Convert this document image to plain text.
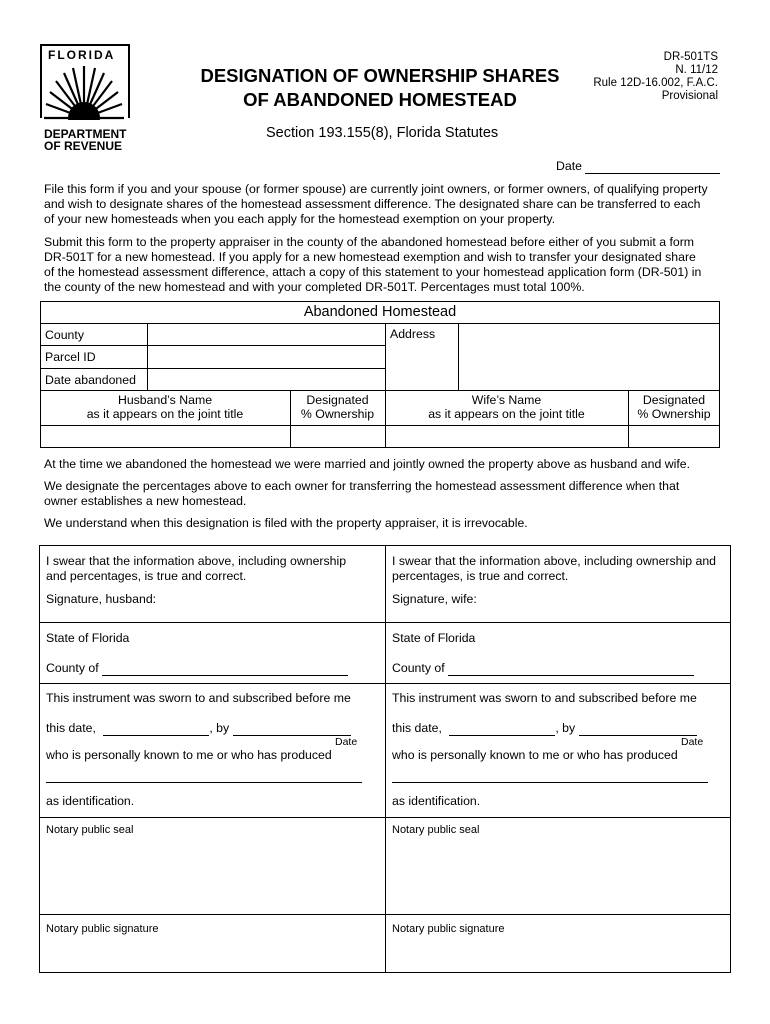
FLORIDA
DEPARTMENT
OF REVENUE
DESIGNATION OF OWNERSHIP SHARES
OF ABANDONED HOMESTEAD
DR-501TS
N. 11/12
Rule 12D-16.002, F.A.C.
Provisional
Section 193.155(8), Florida Statutes
Date
File this form if you and your spouse (or former spouse) are currently joint owners, or former owners, of qualifying property
and wish to designate shares of the homestead assessment difference. The designated share can be transferred to each
of your new homesteads when you each apply for the homestead exemption on your property.
Submit this form to the property appraiser in the county of the abandoned homestead before either of you submit a form
DR-501T for a new homestead. If you apply for a new homestead exemption and wish to transfer your designated share
of the homestead assessment difference, attach a copy of this statement to your homestead application form (DR-501) in
the county of the new homestead and with your completed DR-501T. Percentages must total 100%.
Abandoned Homestead
County
Parcel ID
Date abandoned
Address
Husband’s Name
as it appears on the joint title
Designated
% Ownership
Wife’s Name
as it appears on the joint title
Designated
% Ownership
At the time we abandoned the homestead we were married and jointly owned the property above as husband and wife.
We designate the percentages above to each owner for transferring the homestead assessment difference when that
owner establishes a new homestead.
We understand when this designation is filed with the property appraiser, it is irrevocable.
I swear that the information above, including ownership
and percentages, is true and correct.
Signature, husband:
State of Florida
County of
This instrument was sworn to and subscribed before me
this date,	, by
Date
who is personally known to me or who has produced
as identification.
Notary public seal
Notary public signature
I swear that the information above, including ownership and
percentages, is true and correct.
Signature, wife:
State of Florida
County of
This instrument was sworn to and subscribed before me
this date,	, by
Date
who is personally known to me or who has produced
as identification.
Notary public seal
Notary public signature
